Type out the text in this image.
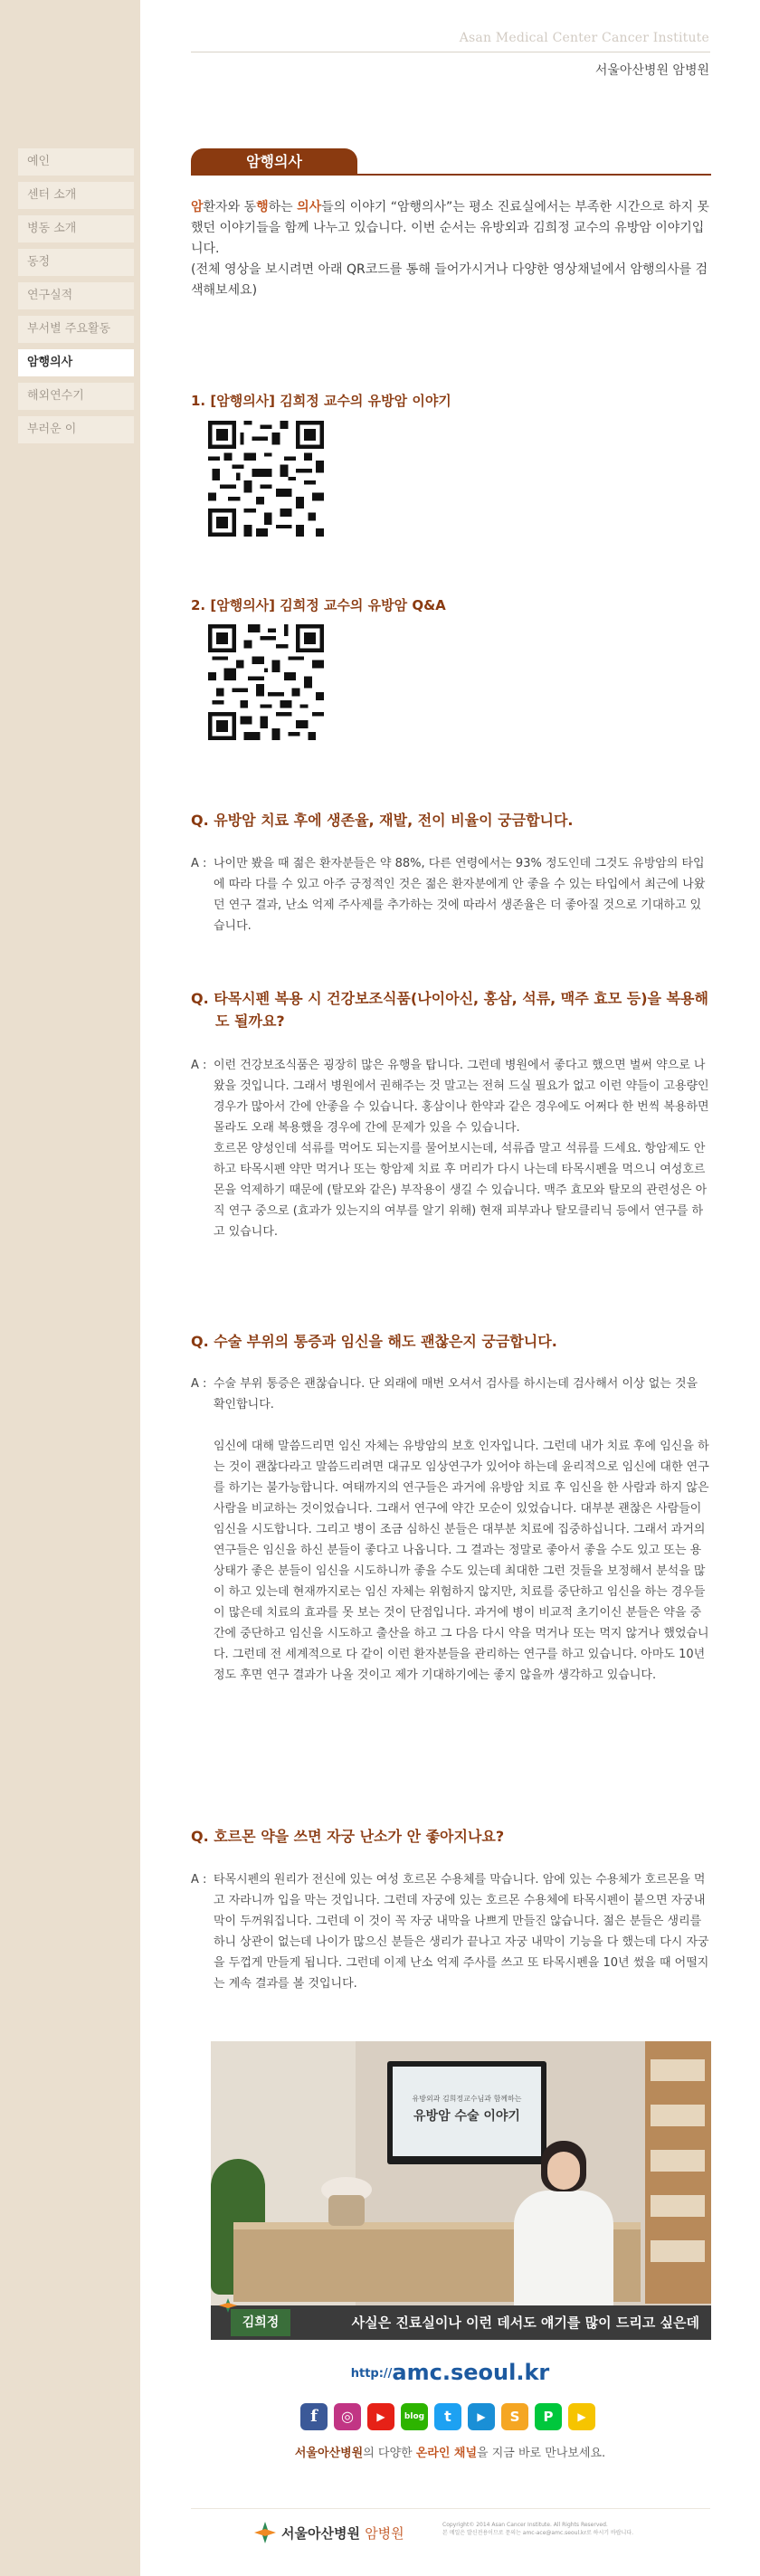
예인
센터 소개
병동 소개
동정
연구실적
부서별 주요활동
암행의사
해외연수기
부러운 이
Asan Medical Center Cancer Institute
서울아산병원 암병원
암행의사
암환자와 동행하는 의사들의 이야기 “암행의사”는 평소 진료실에서는 부족한 시간으로 하지 못했던 이야기들을 함께 나누고 있습니다. 이번 순서는 유방외과 김희정 교수의 유방암 이야기입니다.
(전체 영상을 보시려면 아래 QR코드를 통해 들어가시거나 다양한 영상채널에서 암행의사를 검색해보세요)
1. [암행의사] 김희정 교수의 유방암 이야기
2. [암행의사] 김희정 교수의 유방암 Q&A
Q. 유방암 치료 후에 생존율, 재발, 전이 비율이 궁금합니다.
A : 나이만 봤을 때 젊은 환자분들은 약 88%, 다른 연령에서는 93% 정도인데 그것도 유방암의 타입에 따라 다를 수 있고 아주 긍정적인 것은 젊은 환자분에게 안 좋을 수 있는 타입에서 최근에 나왔던 연구 결과, 난소 억제 주사제를 추가하는 것에 따라서 생존율은 더 좋아질 것으로 기대하고 있습니다.

Q. 타목시펜 복용 시 건강보조식품(나이아신, 홍삼, 석류, 맥주 효모 등)을 복용해도 될까요?
A : 이런 건강보조식품은 굉장히 많은 유행을 탑니다. 그런데 병원에서 좋다고 했으면 벌써 약으로 나왔을 것입니다. 그래서 병원에서 권해주는 것 말고는 전혀 드실 필요가 없고 이런 약들이 고용량인 경우가 많아서 간에 안좋을 수 있습니다. 홍삼이나 한약과 같은 경우에도 어쩌다 한 번씩 복용하면 몰라도 오래 복용했을 경우에 간에 문제가 있을 수 있습니다.

호르몬 양성인데 석류를 먹어도 되는지를 물어보시는데, 석류즙 말고 석류를 드세요. 항암제도 안 하고 타목시펜 약만 먹거나 또는 항암제 치료 후 머리가 다시 나는데 타목시펜을 먹으니 여성호르몬을 억제하기 때문에 (탈모와 같은) 부작용이 생길 수 있습니다. 맥주 효모와 탈모의 관련성은 아직 연구 중으로 (효과가 있는지의 여부를 알기 위해) 현재 피부과나 탈모클리닉 등에서 연구를 하고 있습니다.

Q. 수술 부위의 통증과 임신을 해도 괜찮은지 궁금합니다.
A : 수술 부위 통증은 괜찮습니다. 단 외래에 매번 오셔서 검사를 하시는데 검사해서 이상 없는 것을 확인합니다.

임신에 대해 말씀드리면 임신 자체는 유방암의 보호 인자입니다. 그런데 내가 치료 후에 임신을 하는 것이 괜찮다라고 말씀드리려면 대규모 임상연구가 있어야 하는데 윤리적으로 임신에 대한 연구를 하기는 불가능합니다. 여태까지의 연구들은 과거에 유방암 치료 후 임신을 한 사람과 하지 않은 사람을 비교하는 것이었습니다. 그래서 연구에 약간 모순이 있었습니다. 대부분 괜찮은 사람들이 임신을 시도합니다. 그리고 병이 조금 심하신 분들은 대부분 치료에 집중하십니다. 그래서 과거의 연구들은 임신을 하신 분들이 좋다고 나옵니다. 그 결과는 정말로 좋아서 좋을 수도 있고 또는 용상태가 좋은 분들이 임신을 시도하니까 좋을 수도 있는데 최대한 그런 것들을 보정해서 분석을 많이 하고 있는데 현재까지로는 임신 자체는 위험하지 않지만, 치료를 중단하고 임신을 하는 경우들이 많은데 치료의 효과를 못 보는 것이 단점입니다. 과거에 병이 비교적 초기이신 분들은 약을 중간에 중단하고 임신을 시도하고 출산을 하고 그 다음 다시 약을 먹거나 또는 먹지 않거나 했었습니다. 그런데 전 세계적으로 다 같이 이런 환자분들을 관리하는 연구를 하고 있습니다. 아마도 10년 정도 후면 연구 결과가 나올 것이고 제가 기대하기에는 좋지 않을까 생각하고 있습니다.

Q. 호르몬 약을 쓰면 자궁 난소가 안 좋아지나요?
A : 타목시펜의 원리가 전신에 있는 여성 호르몬 수용체를 막습니다. 암에 있는 수용체가 호르몬을 먹고 자라니까 입을 막는 것입니다. 그런데 자궁에 있는 호르몬 수용체에 타목시펜이 붙으면 자궁내막이 두꺼워집니다. 그런데 이 것이 꼭 자궁 내막을 나쁘게 만들진 않습니다. 젊은 분들은 생리를 하니 상관이 없는데 나이가 많으신 분들은 생리가 끝나고 자궁 내막이 기능을 다 했는데 다시 자궁을 두껍게 만들게 됩니다. 그런데 이제 난소 억제 주사를 쓰고 또 타목시펜을 10년 썼을 때 어떨지는 계속 결과를 볼 것입니다.

유방외과 김희정교수님과 함께하는
유방암 수술 이야기
김희정	사실은 진료실이나 이런 데서도 얘기를 많이 드리고 싶은데
http://amc.seoul.kr
f	◎	▶	blog	t	▶	S	P	▶
서울아산병원의 다양한 온라인 채널을 지금 바로 만나보세요.
서울아산병원 암병원
Copyright© 2014 Asan Cancer Institute. All Rights Reserved.
본 메일은 발신전용이므로 문의는 amc-ace@amc.seoul.kr로 하시기 바랍니다.
